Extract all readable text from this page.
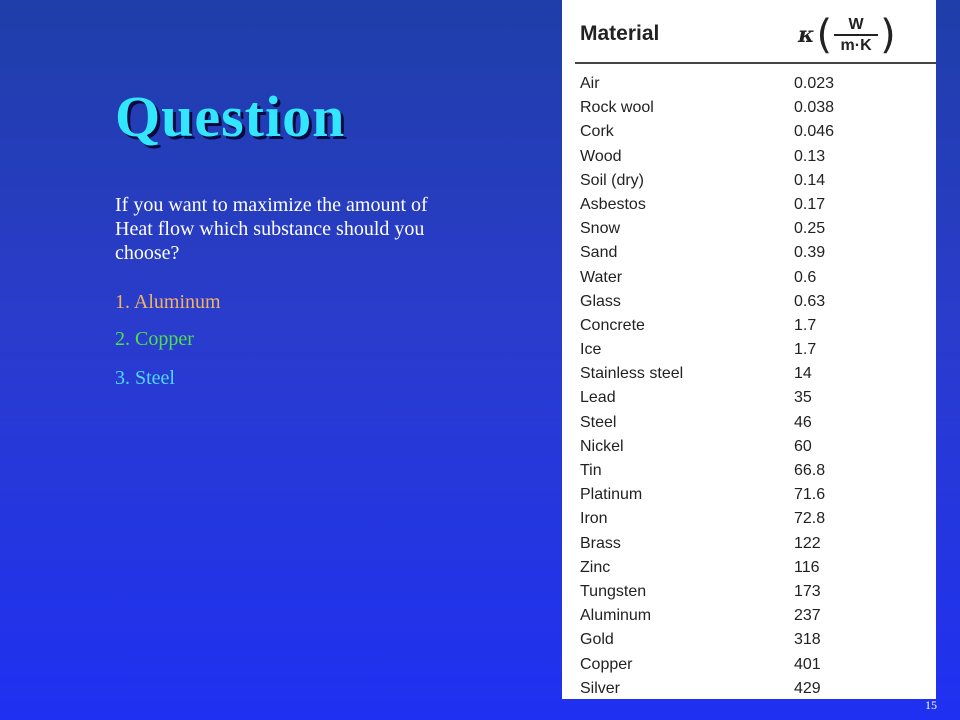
Question

If you want to maximize the amount of Heat flow which substance should you choose?

1. Aluminum

2. Copper

3. Steel

Material	κ ( $\frac{W}{m\cdot K}$ )
Air	0.023
Rock wool	0.038
Cork	0.046
Wood	0.13
Soil (dry)	0.14
Asbestos	0.17
Snow	0.25
Sand	0.39
Water	0.6
Glass	0.63
Concrete	1.7
Ice	1.7
Stainless steel	14
Lead	35
Steel	46
Nickel	60
Tin	66.8
Platinum	71.6
Iron	72.8
Brass	122
Zinc	116
Tungsten	173
Aluminum	237
Gold	318
Copper	401
Silver	429
15
